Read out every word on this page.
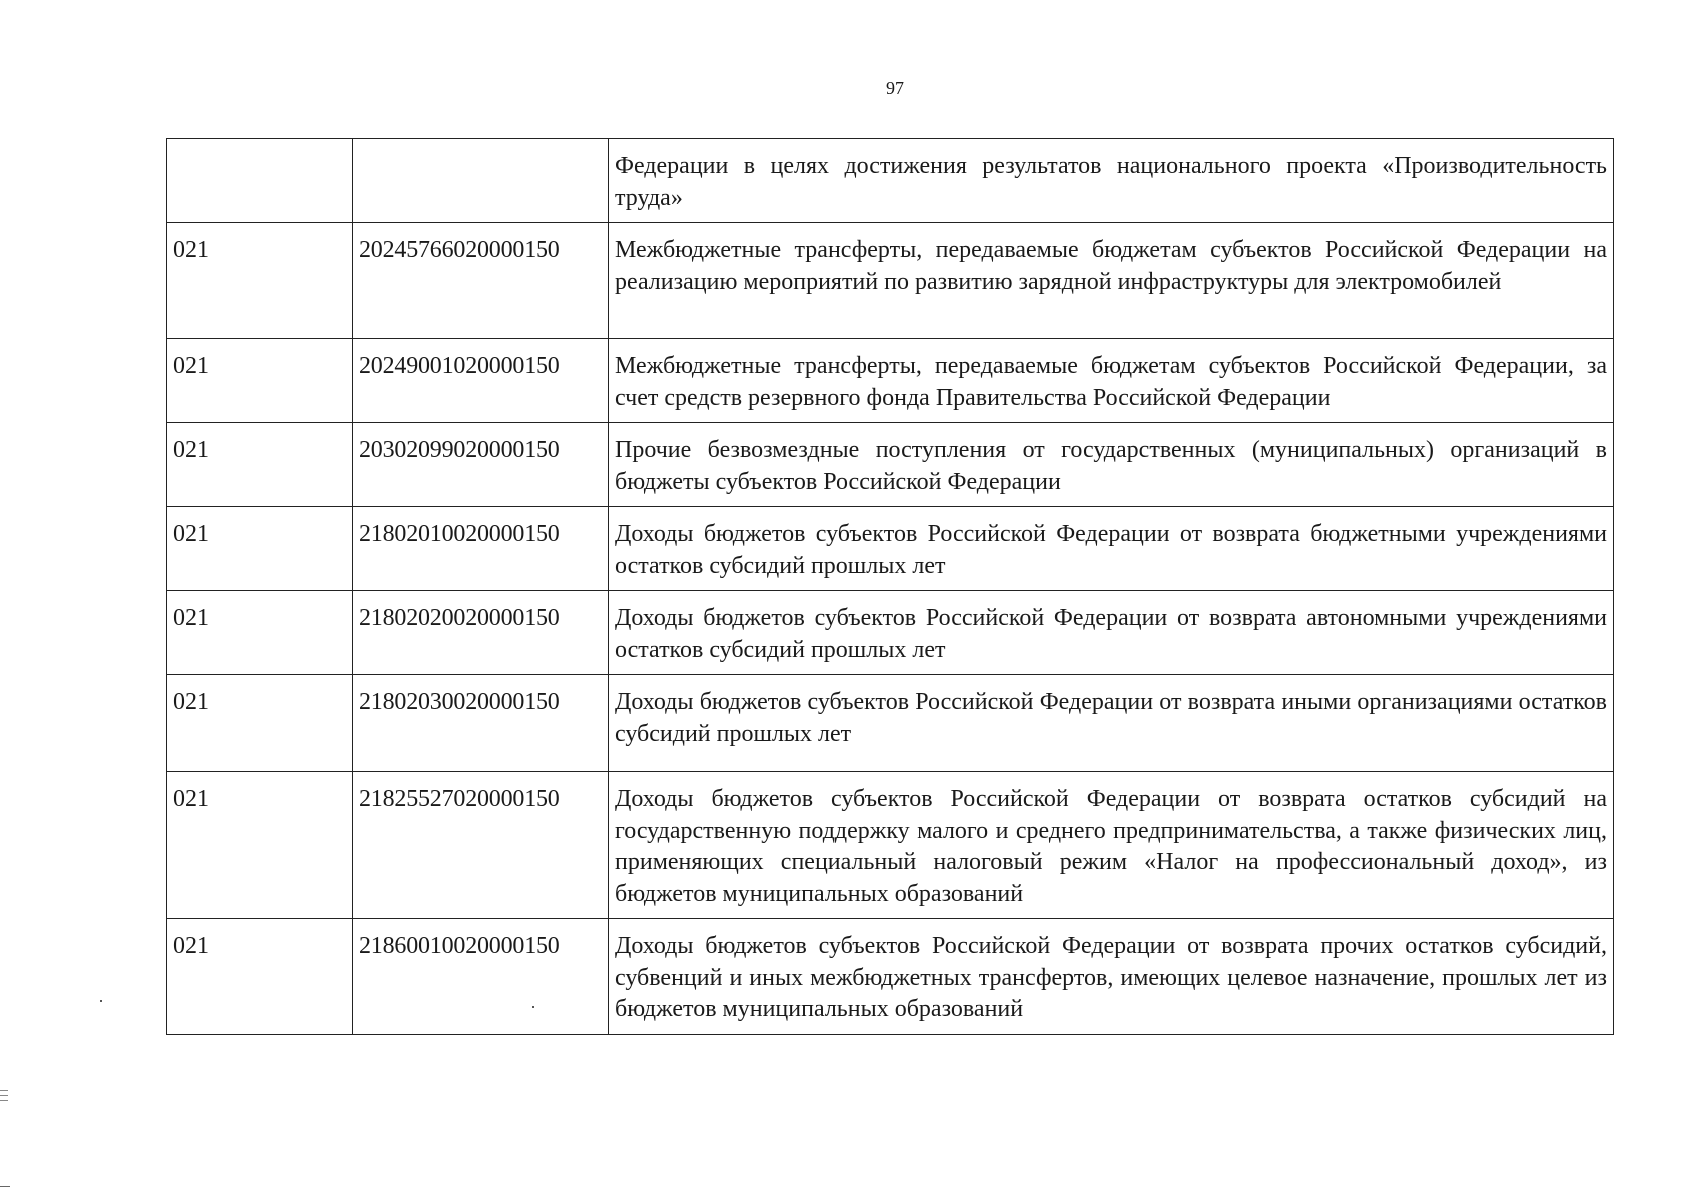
97
		Федерации в целях достижения результатов национального проекта «Производительность труда»
021	20245766020000150	Межбюджетные трансферты, передаваемые бюджетам субъектов Российской Федерации на реализацию мероприятий по развитию зарядной инфраструктуры для электромобилей
021	20249001020000150	Межбюджетные трансферты, передаваемые бюджетам субъектов Российской Федерации, за счет средств резервного фонда Правительства Российской Федерации
021	20302099020000150	Прочие безвозмездные поступления от государственных (муниципальных) организаций в бюджеты субъектов Российской Федерации
021	21802010020000150	Доходы бюджетов субъектов Российской Федерации от возврата бюджетными учреждениями остатков субсидий прошлых лет
021	21802020020000150	Доходы бюджетов субъектов Российской Федерации от возврата автономными учреждениями остатков субсидий прошлых лет
021	21802030020000150	Доходы бюджетов субъектов Российской Федерации от возврата иными организациями остатков субсидий прошлых лет
021	21825527020000150	Доходы бюджетов субъектов Российской Федерации от возврата остатков субсидий на государственную поддержку малого и среднего предпринимательства, а также физических лиц, применяющих специальный налоговый режим «Налог на профессиональный доход», из бюджетов муниципальных образований
021	21860010020000150	Доходы бюджетов субъектов Российской Федерации от возврата прочих остатков субсидий, субвенций и иных межбюджетных трансфертов, имеющих целевое назначение, прошлых лет из бюджетов муниципальных образований
